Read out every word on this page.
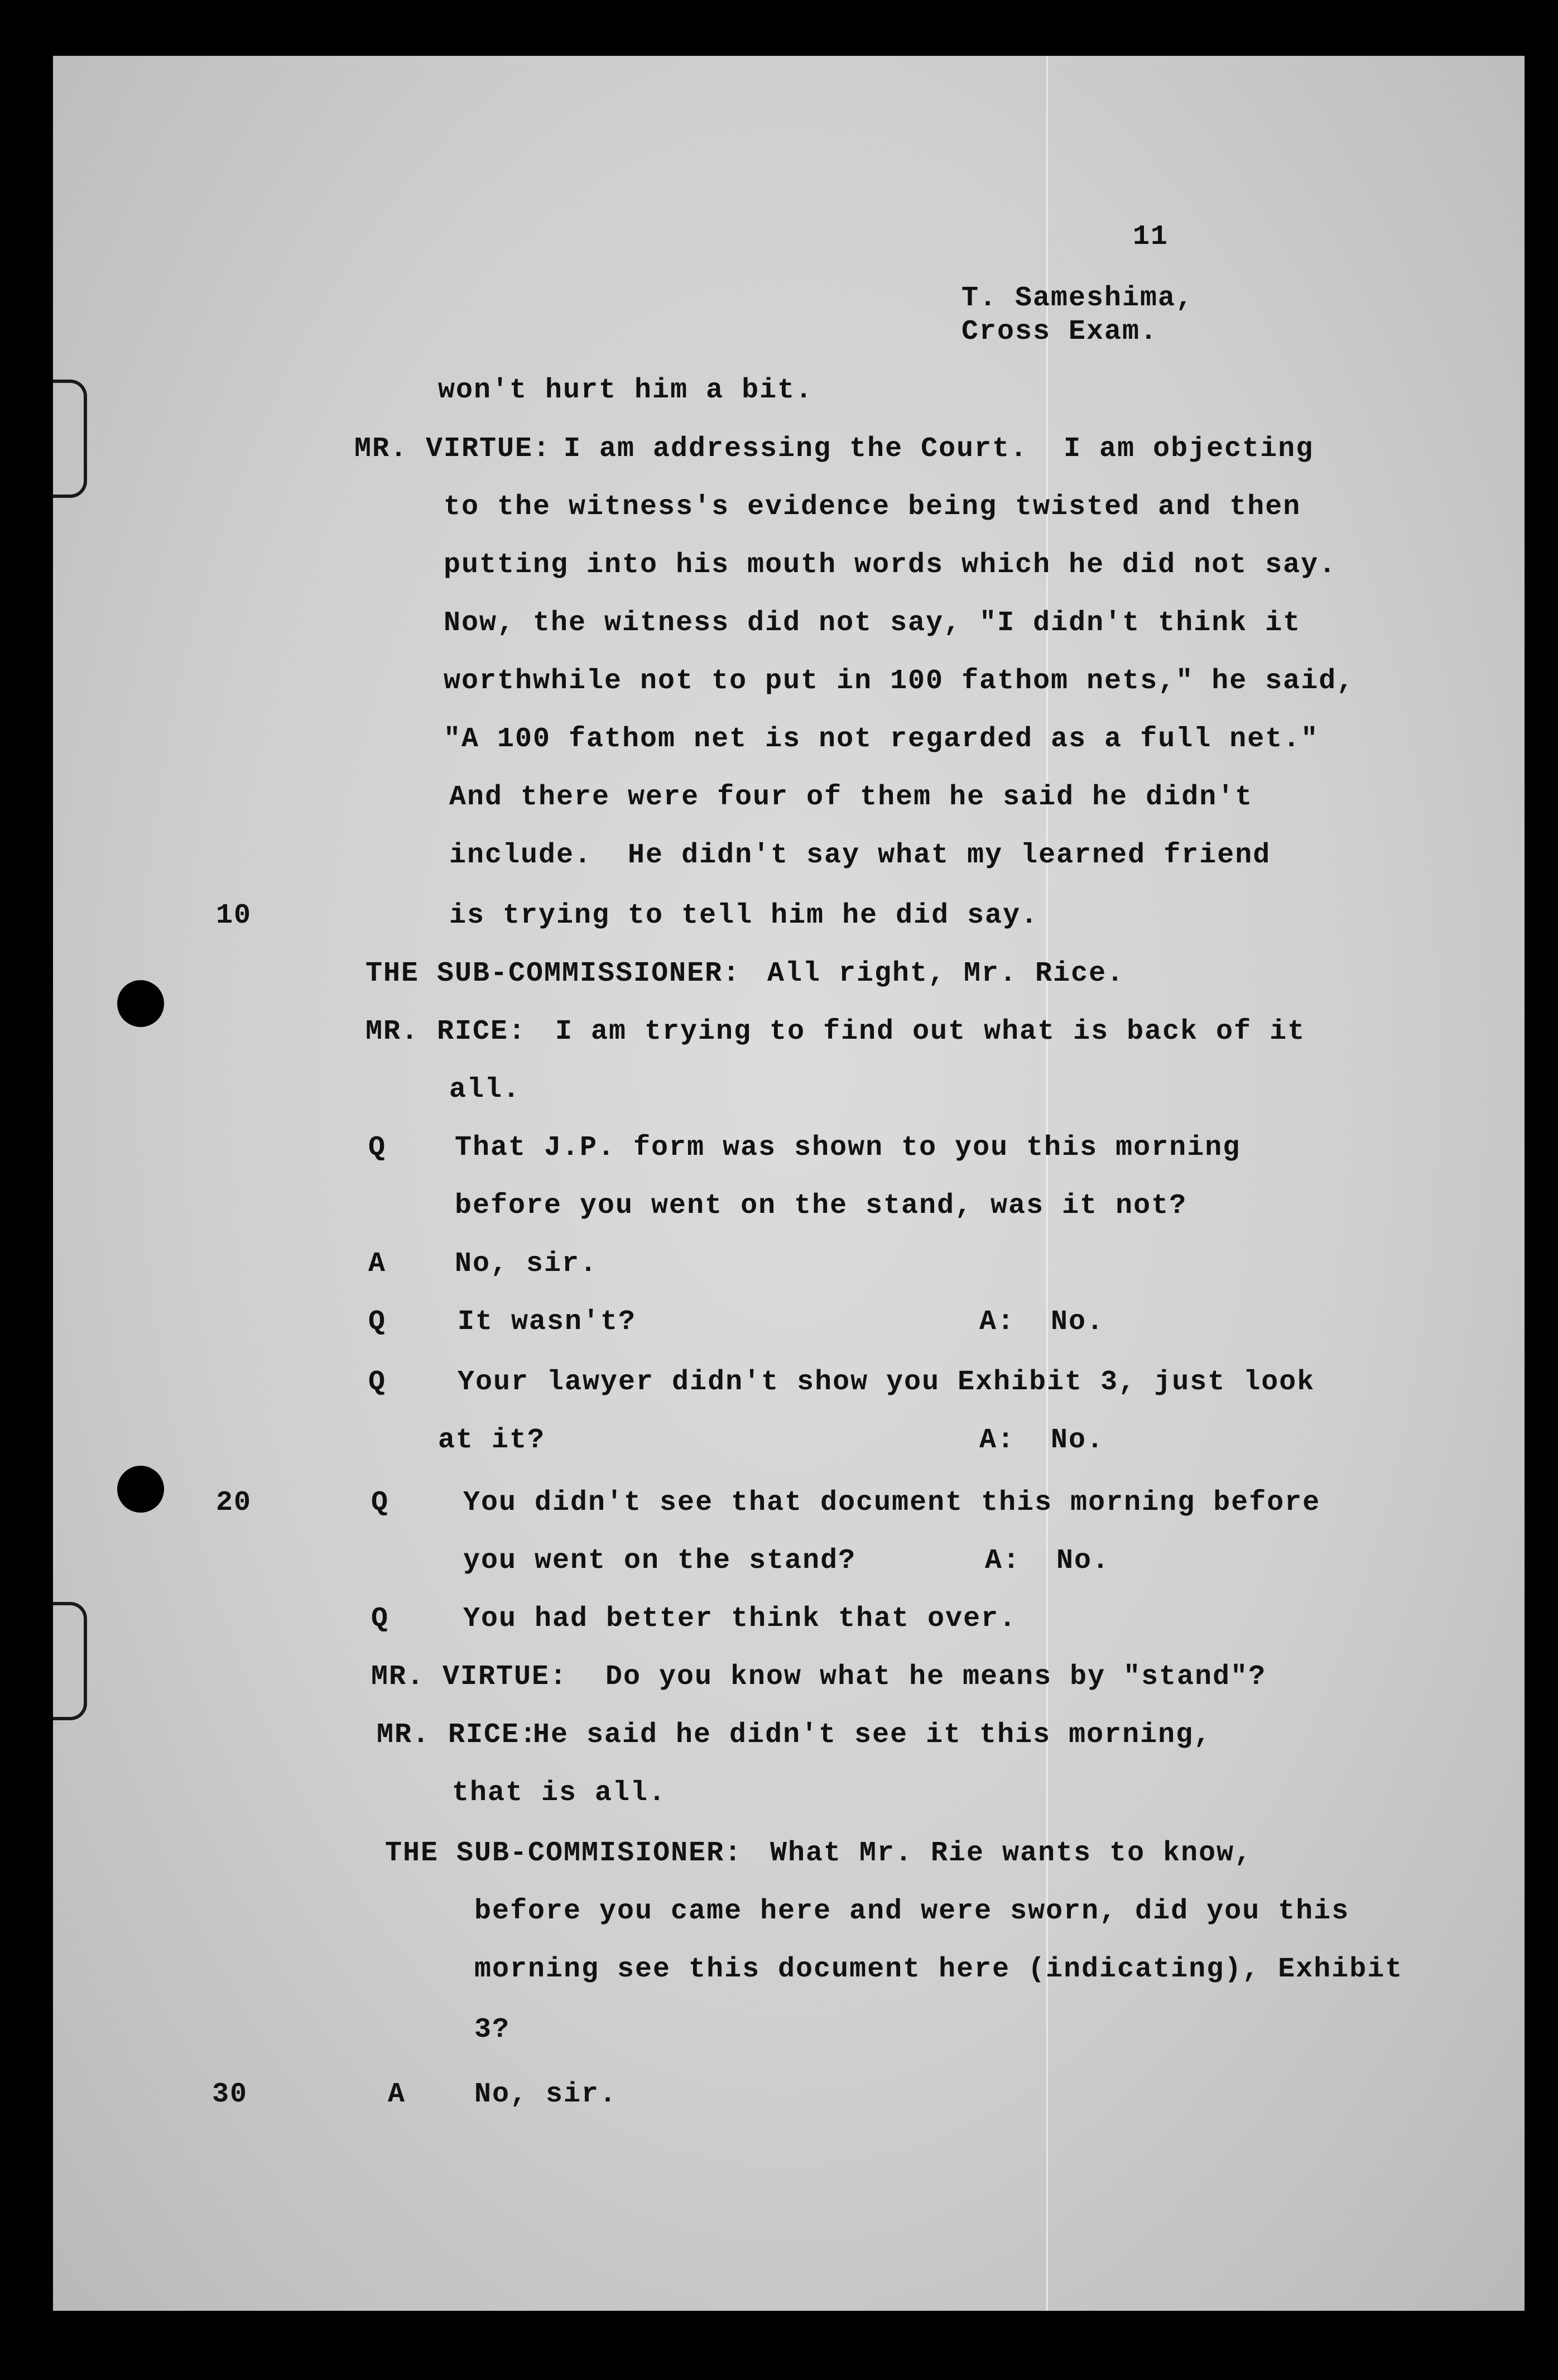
11
T. Sameshima,
Cross Exam.
10
20
30
won't hurt him a bit.
MR. VIRTUE: I am addressing the Court.  I am objecting
to the witness's evidence being twisted and then
putting into his mouth words which he did not say.
Now, the witness did not say, "I didn't think it
worthwhile not to put in 100 fathom nets," he said,
"A 100 fathom net is not regarded as a full net."
And there were four of them he said he didn't
include.  He didn't say what my learned friend
is trying to tell him he did say.
THE SUB-COMMISSIONER: All right, Mr. Rice.
MR. RICE: I am trying to find out what is back of it
all.
Q That J.P. form was shown to you this morning
before you went on the stand, was it not?
A No, sir.
Q	It wasn't?	A:  No.
Q	Your lawyer didn't show you Exhibit 3, just look
at it?	A:  No.
Q	You didn't see that document this morning before
you went on the stand?	A:  No.
Q	You had better think that over.
MR. VIRTUE: Do you know what he means by "stand"?
MR. RICE:
He said he didn't see it this morning,
that is all.
THE SUB-COMMISIONER: What Mr. Rie wants to know,
before you came here and were sworn, did you this
morning see this document here (indicating), Exhibit
3?
A No, sir.
